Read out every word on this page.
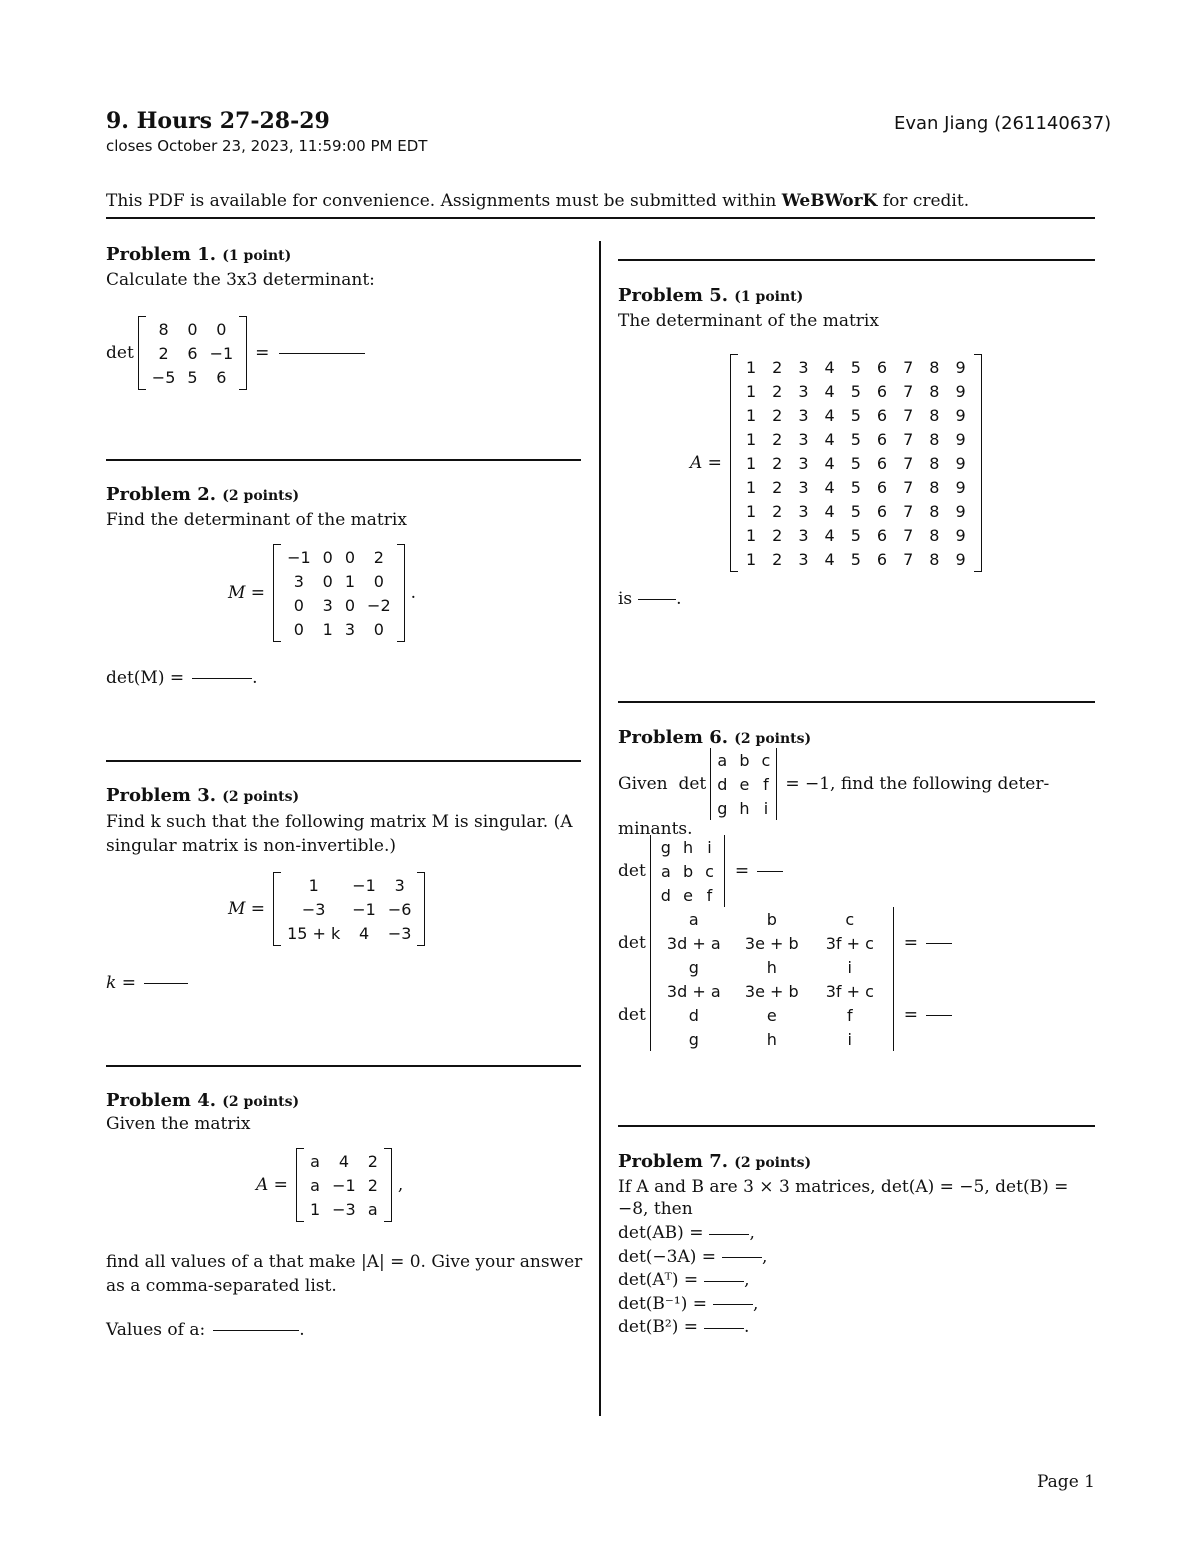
9. Hours 27-28-29
closes October 23, 2023, 11:59:00 PM EDT
Evan Jiang (261140637)
This PDF is available for convenience. Assignments must be submitted within WeBWorK for credit.
Problem 1. (1 point)
Calculate the 3x3 determinant:
det
8	0	0
2	6	−1
−5	5	6
=
Problem 2. (2 points)
Find the determinant of the matrix
M =
−1	0	0	2
3	0	1	0
0	3	0	−2
0	1	3	0
.
det(M) =	.
Problem 3. (2 points)
Find k such that the following matrix M is singular. (A singular matrix is non-invertible.)
M =
1	−1	3
−3	−1	−6
15 + k	4	−3
k =
Problem 4. (2 points)
Given the matrix
A =
a	4	2
a	−1	2
1	−3	a
,
find all values of a that make |A| = 0. Give your answer as a comma-separated list.
Values of a:	.
Problem 5. (1 point)
The determinant of the matrix
A =
1	2	3	4	5	6	7	8	9
1	2	3	4	5	6	7	8	9
1	2	3	4	5	6	7	8	9
1	2	3	4	5	6	7	8	9
1	2	3	4	5	6	7	8	9
1	2	3	4	5	6	7	8	9
1	2	3	4	5	6	7	8	9
1	2	3	4	5	6	7	8	9
1	2	3	4	5	6	7	8	9
is	.
Problem 6. (2 points)
Given  det
a	b	c
d	e	f
g	h	i
= −1, find the following deter-
minants.
det
g	h	i
a	b	c
d	e	f
=
det
a	b	c
3d + a	3e + b	3f + c
g	h	i
=
det
3d + a	3e + b	3f + c
d	e	f
g	h	i
=
Problem 7. (2 points)
If A and B are 3 × 3 matrices, det(A) = −5, det(B) = −8, then
det(AB) =	,
det(−3A) =	,
det(Aᵀ) =	,
det(B⁻¹) =	,
det(B²) =	.
Page 1
